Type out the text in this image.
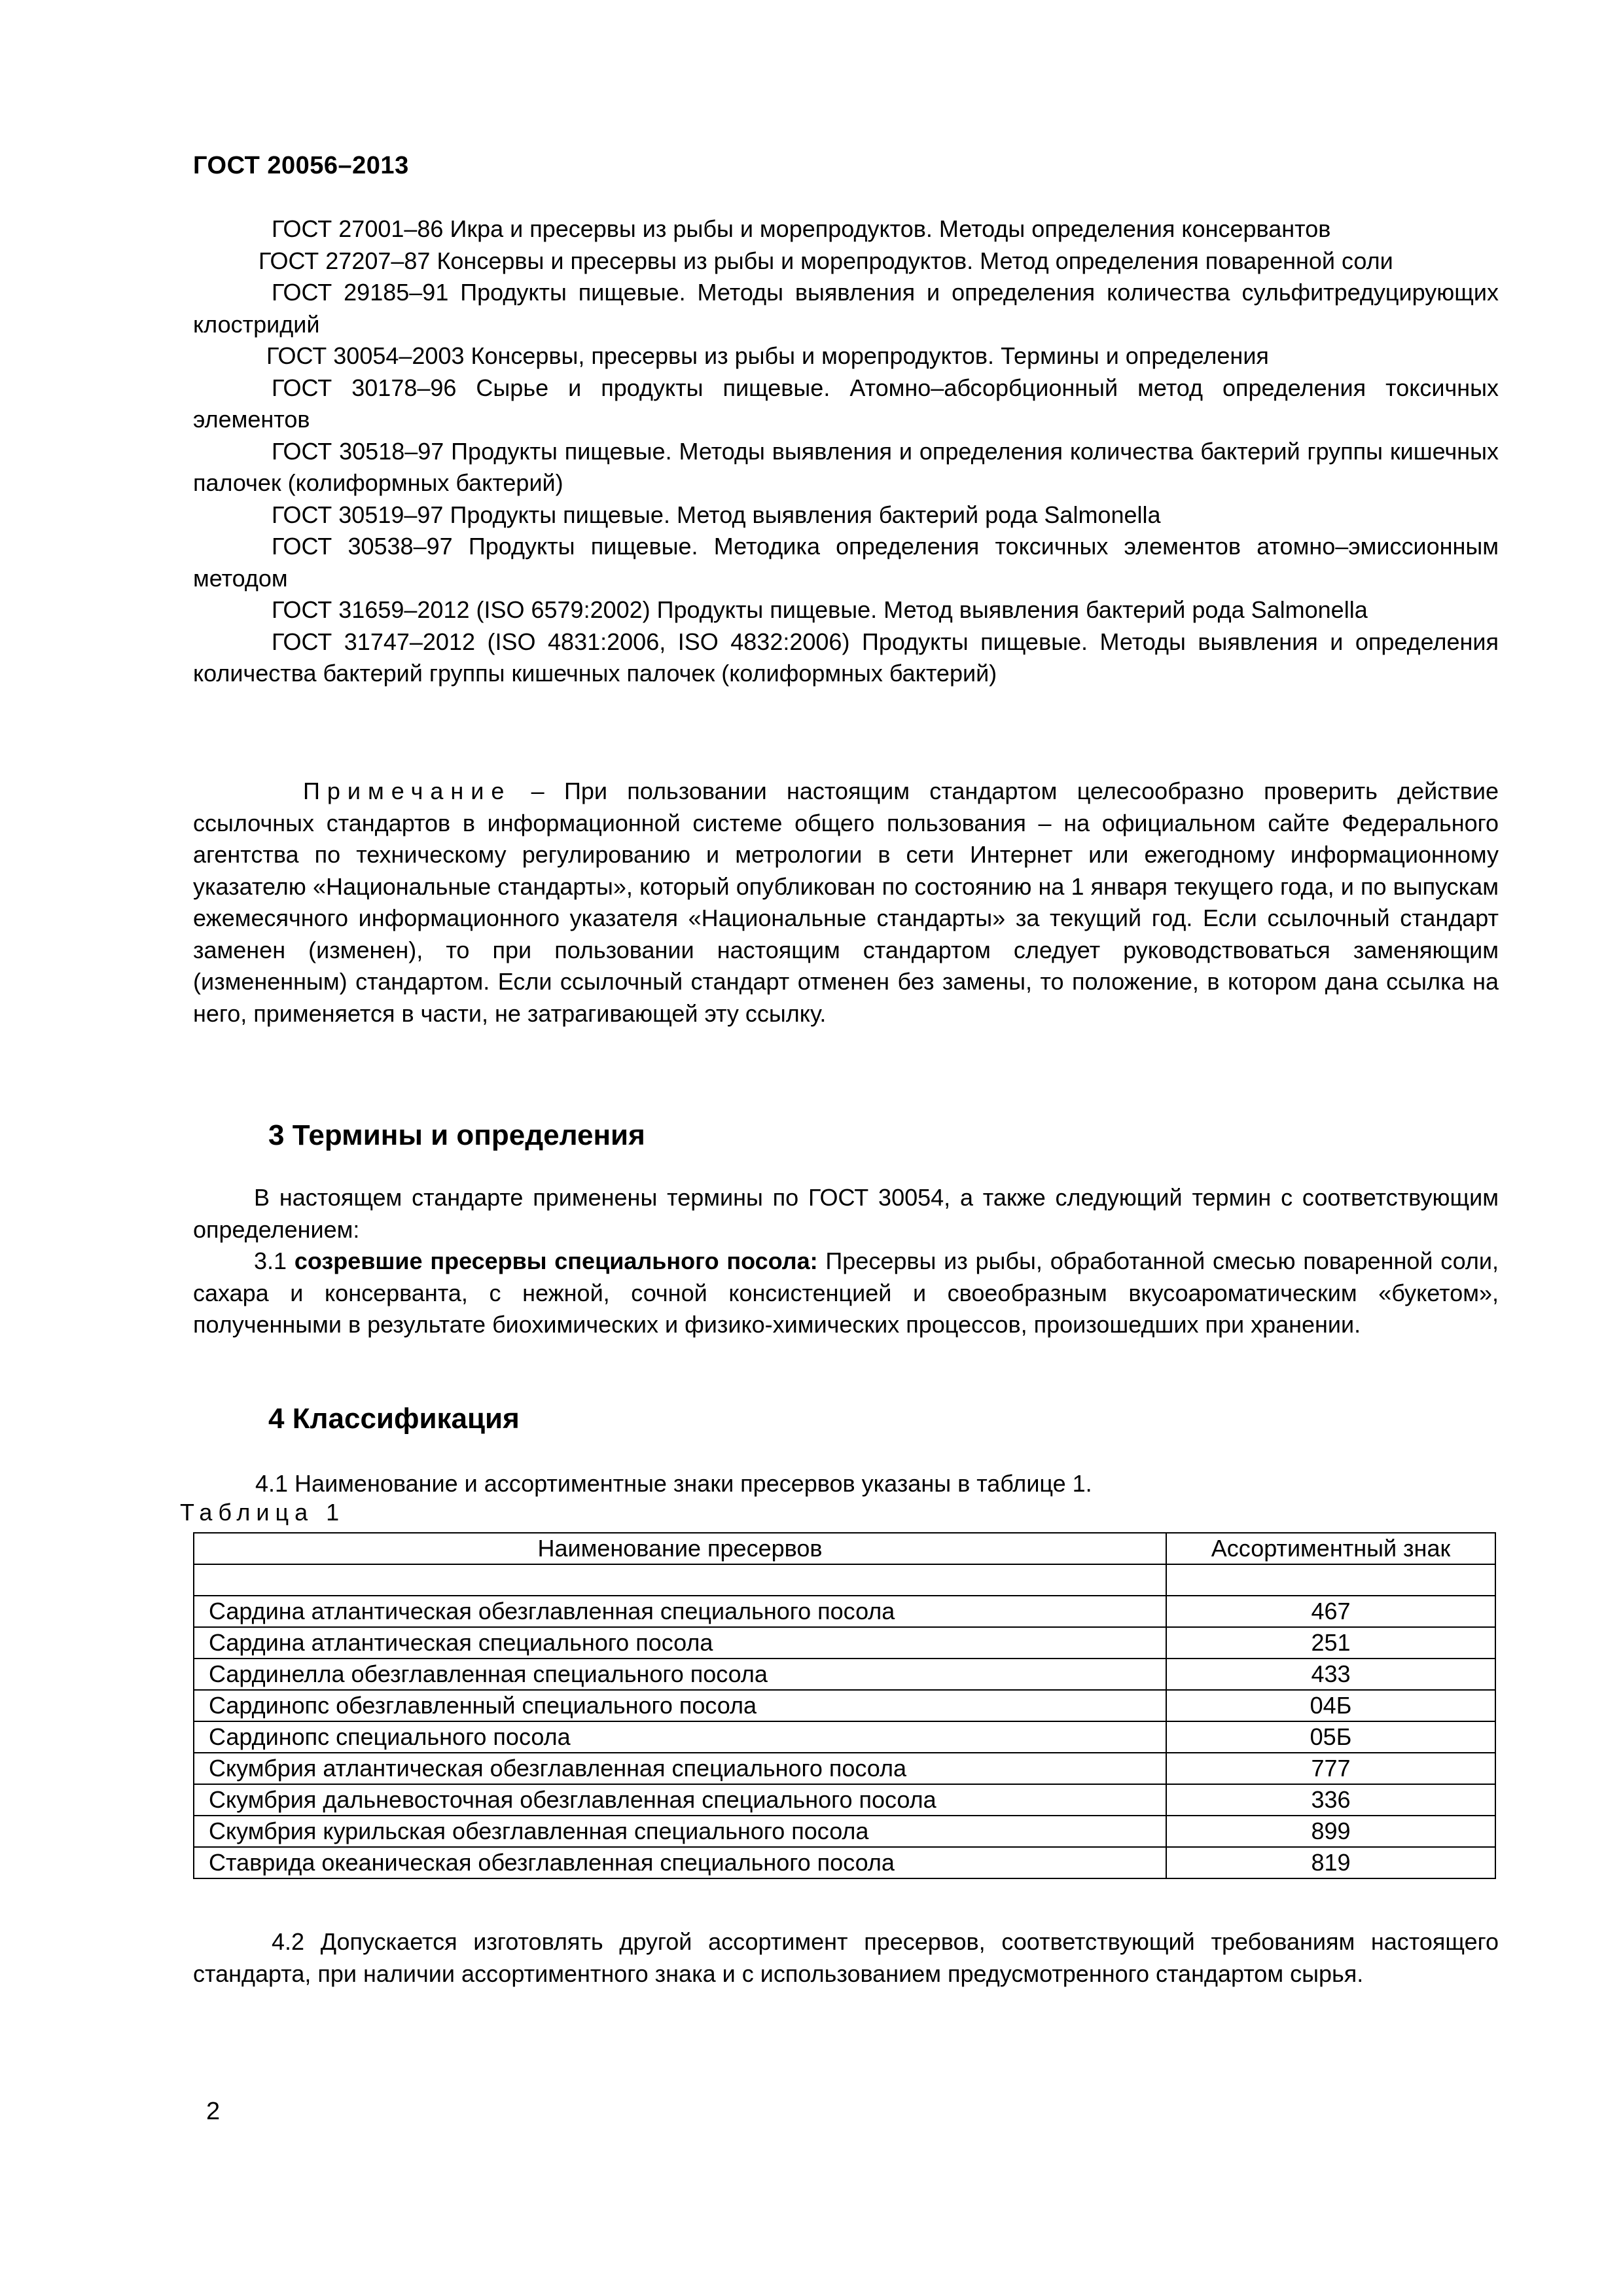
ГОСТ 20056–2013

ГОСТ 27001–86 Икра и пресервы из рыбы и морепродуктов. Методы определения консервантов

ГОСТ 27207–87 Консервы и пресервы из рыбы и морепродуктов. Метод определения поваренной соли

ГОСТ 29185–91 Продукты пищевые. Методы выявления и определения количества сульфитредуцирующих клостридий

ГОСТ 30054–2003 Консервы, пресервы из рыбы и морепродуктов. Термины и определения

ГОСТ 30178–96 Сырье и продукты пищевые. Атомно–абсорбционный метод определения токсичных элементов

ГОСТ 30518–97 Продукты пищевые. Методы выявления и определения количества бактерий группы кишечных палочек (колиформных бактерий)

ГОСТ 30519–97 Продукты пищевые. Метод выявления бактерий рода Salmonella

ГОСТ 30538–97 Продукты пищевые. Методика определения токсичных элементов атомно–эмиссионным методом

ГОСТ 31659–2012 (ISO 6579:2002) Продукты пищевые. Метод выявления бактерий рода Salmonella

ГОСТ 31747–2012 (ISO 4831:2006, ISO 4832:2006) Продукты пищевые. Методы выявления и определения количества бактерий группы кишечных палочек (колиформных бактерий)

Примечание – При пользовании настоящим стандартом целесообразно проверить действие ссылочных стандартов в информационной системе общего пользования – на официальном сайте Федерального агентства по техническому регулированию и метрологии в сети Интернет или ежегодному информационному указателю «Национальные стандарты», который опубликован по состоянию на 1 января текущего года, и по выпускам ежемесячного информационного указателя «Национальные стандарты» за текущий год. Если ссылочный стандарт заменен (изменен), то при пользовании настоящим стандартом следует руководствоваться заменяющим (измененным) стандартом. Если ссылочный стандарт отменен без замены, то положение, в котором дана ссылка на него, применяется в части, не затрагивающей эту ссылку.

3 Термины и определения

В настоящем стандарте применены термины по ГОСТ 30054, а также следующий термин с соответствующим определением:

3.1 созревшие пресервы специального посола: Пресервы из рыбы, обработанной смесью поваренной соли, сахара и консерванта, с нежной, сочной консистенцией и своеобразным вкусоароматическим «букетом», полученными в результате биохимических и физико-химических процессов, произошедших при хранении.

4 Классификация

4.1 Наименование и ассортиментные знаки пресервов указаны в таблице 1.

Таблица 1
Наименование пресервов	Ассортиментный знак

Сардина атлантическая обезглавленная специального посола	467
Сардина атлантическая специального посола	251
Сардинелла обезглавленная специального посола	433
Сардинопс обезглавленный специального посола	04Б
Сардинопс специального посола	05Б
Скумбрия атлантическая обезглавленная специального посола	777
Скумбрия дальневосточная обезглавленная специального посола	336
Скумбрия курильская обезглавленная специального посола	899
Ставрида океаническая обезглавленная специального посола	819

4.2 Допускается изготовлять другой ассортимент пресервов, соответствующий требованиям настоящего стандарта, при наличии ассортиментного знака и с использованием предусмотренного стандартом сырья.

2
